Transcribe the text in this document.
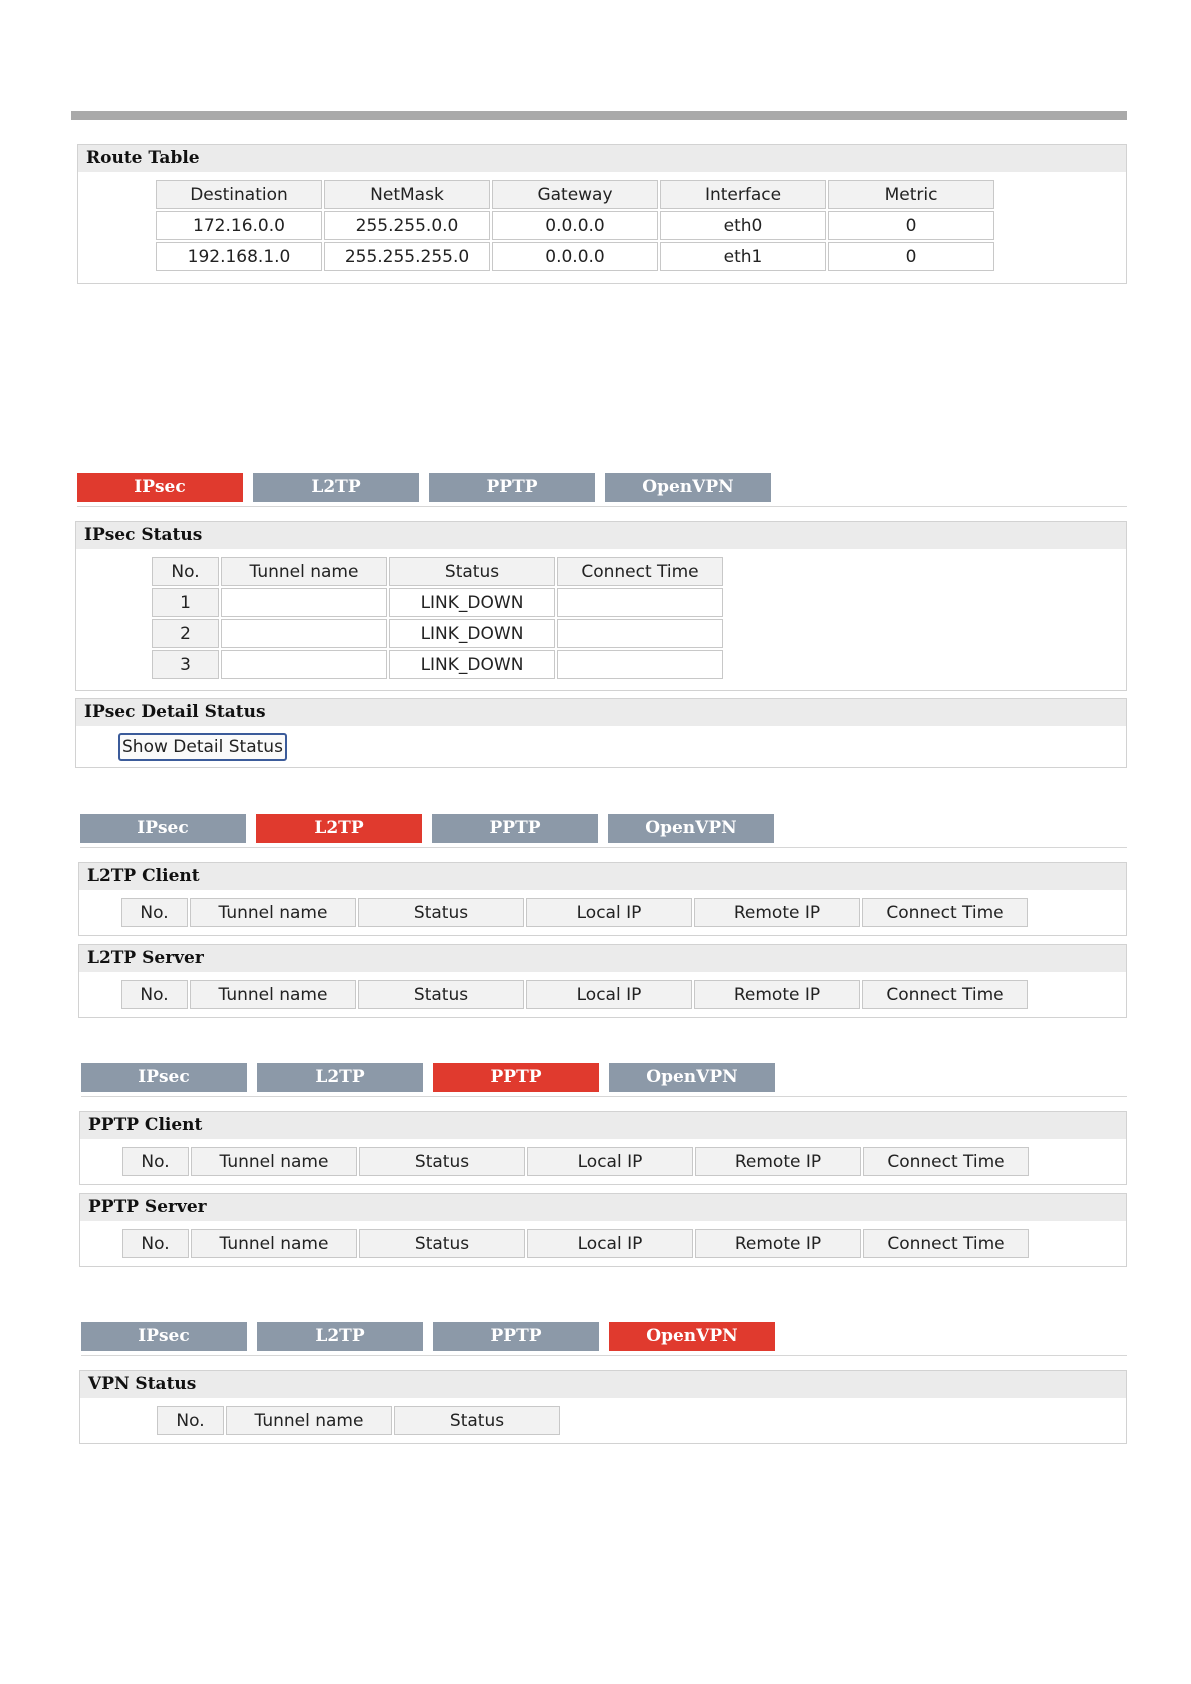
Route Table
Destination	NetMask	Gateway	Interface	Metric
172.16.0.0	255.255.0.0	0.0.0.0	eth0	0
192.168.1.0	255.255.255.0	0.0.0.0	eth1	0
IPsec	L2TP	PPTP	OpenVPN
IPsec Status
No.	Tunnel name	Status	Connect Time
1		LINK_DOWN	
2		LINK_DOWN	
3		LINK_DOWN	
IPsec Detail Status
Show Detail Status
IPsec	L2TP	PPTP	OpenVPN
L2TP Client
No.	Tunnel name	Status	Local IP	Remote IP	Connect Time
L2TP Server
No.	Tunnel name	Status	Local IP	Remote IP	Connect Time
IPsec	L2TP	PPTP	OpenVPN
PPTP Client
No.	Tunnel name	Status	Local IP	Remote IP	Connect Time
PPTP Server
No.	Tunnel name	Status	Local IP	Remote IP	Connect Time
IPsec	L2TP	PPTP	OpenVPN
VPN Status
No.	Tunnel name	Status
